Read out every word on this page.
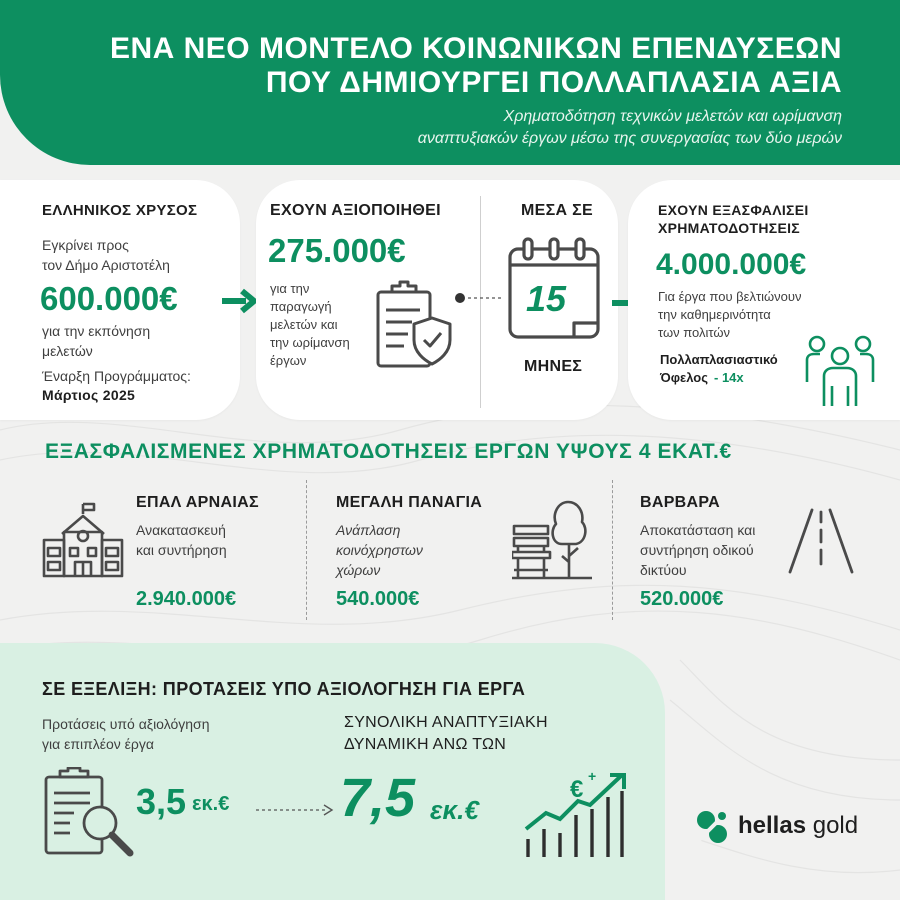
ΕΝΑ ΝΕΟ ΜΟΝΤΕΛΟ ΚΟΙΝΩΝΙΚΩΝ ΕΠΕΝΔΥΣΕΩΝ
ΠΟΥ ΔΗΜΙΟΥΡΓΕΙ ΠΟΛΛΑΠΛΑΣΙΑ ΑΞΙΑ
Χρηματοδότηση τεχνικών μελετών και ωρίμανση
αναπτυξιακών έργων μέσω της συνεργασίας των δύο μερών
ΕΛΛΗΝΙΚΟΣ ΧΡΥΣΟΣ
Εγκρίνει προς
τον Δήμο Αριστοτέλη
600.000€
για την εκπόνηση
μελετών
Έναρξη Προγράμματος:
Μάρτιος 2025
ΕΧΟΥΝ ΑΞΙΟΠΟΙΗΘΕΙ
275.000€
για την
παραγωγή
μελετών και
την ωρίμανση
έργων
ΜΕΣΑ ΣΕ
15
ΜΗΝΕΣ
ΕΧΟΥΝ ΕΞΑΣΦΑΛΙΣΕΙ
ΧΡΗΜΑΤΟΔΟΤΗΣΕΙΣ
4.000.000€
Για έργα που βελτιώνουν
την καθημερινότητα
των πολιτών
Πολλαπλασιαστικό
Όφελος - 14x
ΕΞΑΣΦΑΛΙΣΜΕΝΕΣ ΧΡΗΜΑΤΟΔΟΤΗΣΕΙΣ ΕΡΓΩΝ ΥΨΟΥΣ 4 ΕΚΑΤ.€
ΕΠΑΛ ΑΡΝΑΙΑΣ
Ανακατασκευή
και συντήρηση
2.940.000€
ΜΕΓΑΛΗ ΠΑΝΑΓΙΑ
Ανάπλαση
κοινόχρηστων
χώρων
540.000€
ΒΑΡΒΑΡΑ
Αποκατάσταση και
συντήρηση οδικού
δικτύου
520.000€
ΣΕ ΕΞΕΛΙΞΗ: ΠΡΟΤΑΣΕΙΣ ΥΠΟ ΑΞΙΟΛΟΓΗΣΗ ΓΙΑ ΕΡΓΑ
Προτάσεις υπό αξιολόγηση
για επιπλέον έργα
3,5 εκ.€
ΣΥΝΟΛΙΚΗ ΑΝΑΠΤΥΞΙΑΚΗ
ΔΥΝΑΜΙΚΗ ΑΝΩ ΤΩΝ
7,5 εκ.€
€ +
hellas gold
